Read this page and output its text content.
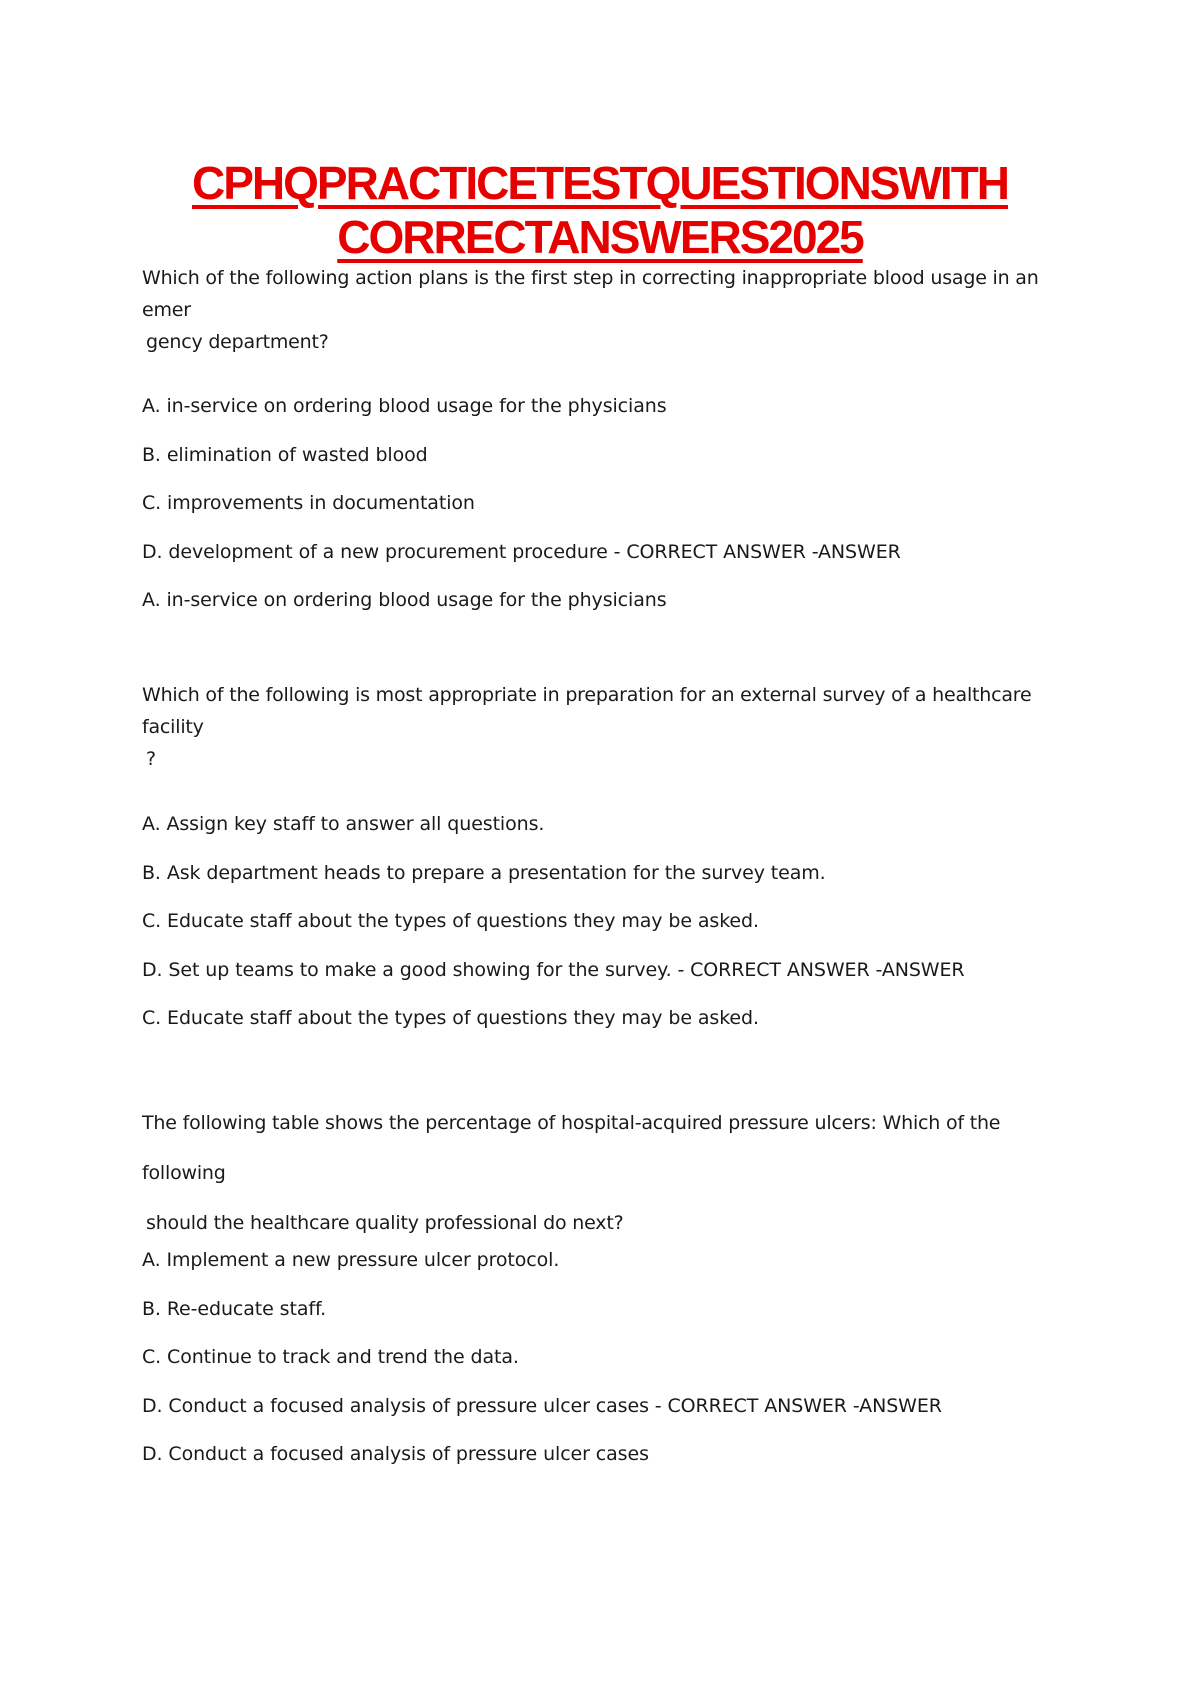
CPHQPRACTICETESTQUESTIONSWITH
CORRECTANSWERS2025

Which of the following action plans is the first step in correcting inappropriate blood usage in an emer

gency department?

A. in-service on ordering blood usage for the physicians
B. elimination of wasted blood
C. improvements in documentation
D. development of a new procurement procedure - CORRECT ANSWER -ANSWER
A. in-service on ordering blood usage for the physicians

Which of the following is most appropriate in preparation for an external survey of a healthcare facility

?

A. Assign key staff to answer all questions.
B. Ask department heads to prepare a presentation for the survey team.
C. Educate staff about the types of questions they may be asked.
D. Set up teams to make a good showing for the survey. - CORRECT ANSWER -ANSWER
C. Educate staff about the types of questions they may be asked.

The following table shows the percentage of hospital-acquired pressure ulcers: Which of the following

should the healthcare quality professional do next?

A. Implement a new pressure ulcer protocol.
B. Re-educate staff.
C. Continue to track and trend the data.
D. Conduct a focused analysis of pressure ulcer cases - CORRECT ANSWER -ANSWER
D. Conduct a focused analysis of pressure ulcer cases
